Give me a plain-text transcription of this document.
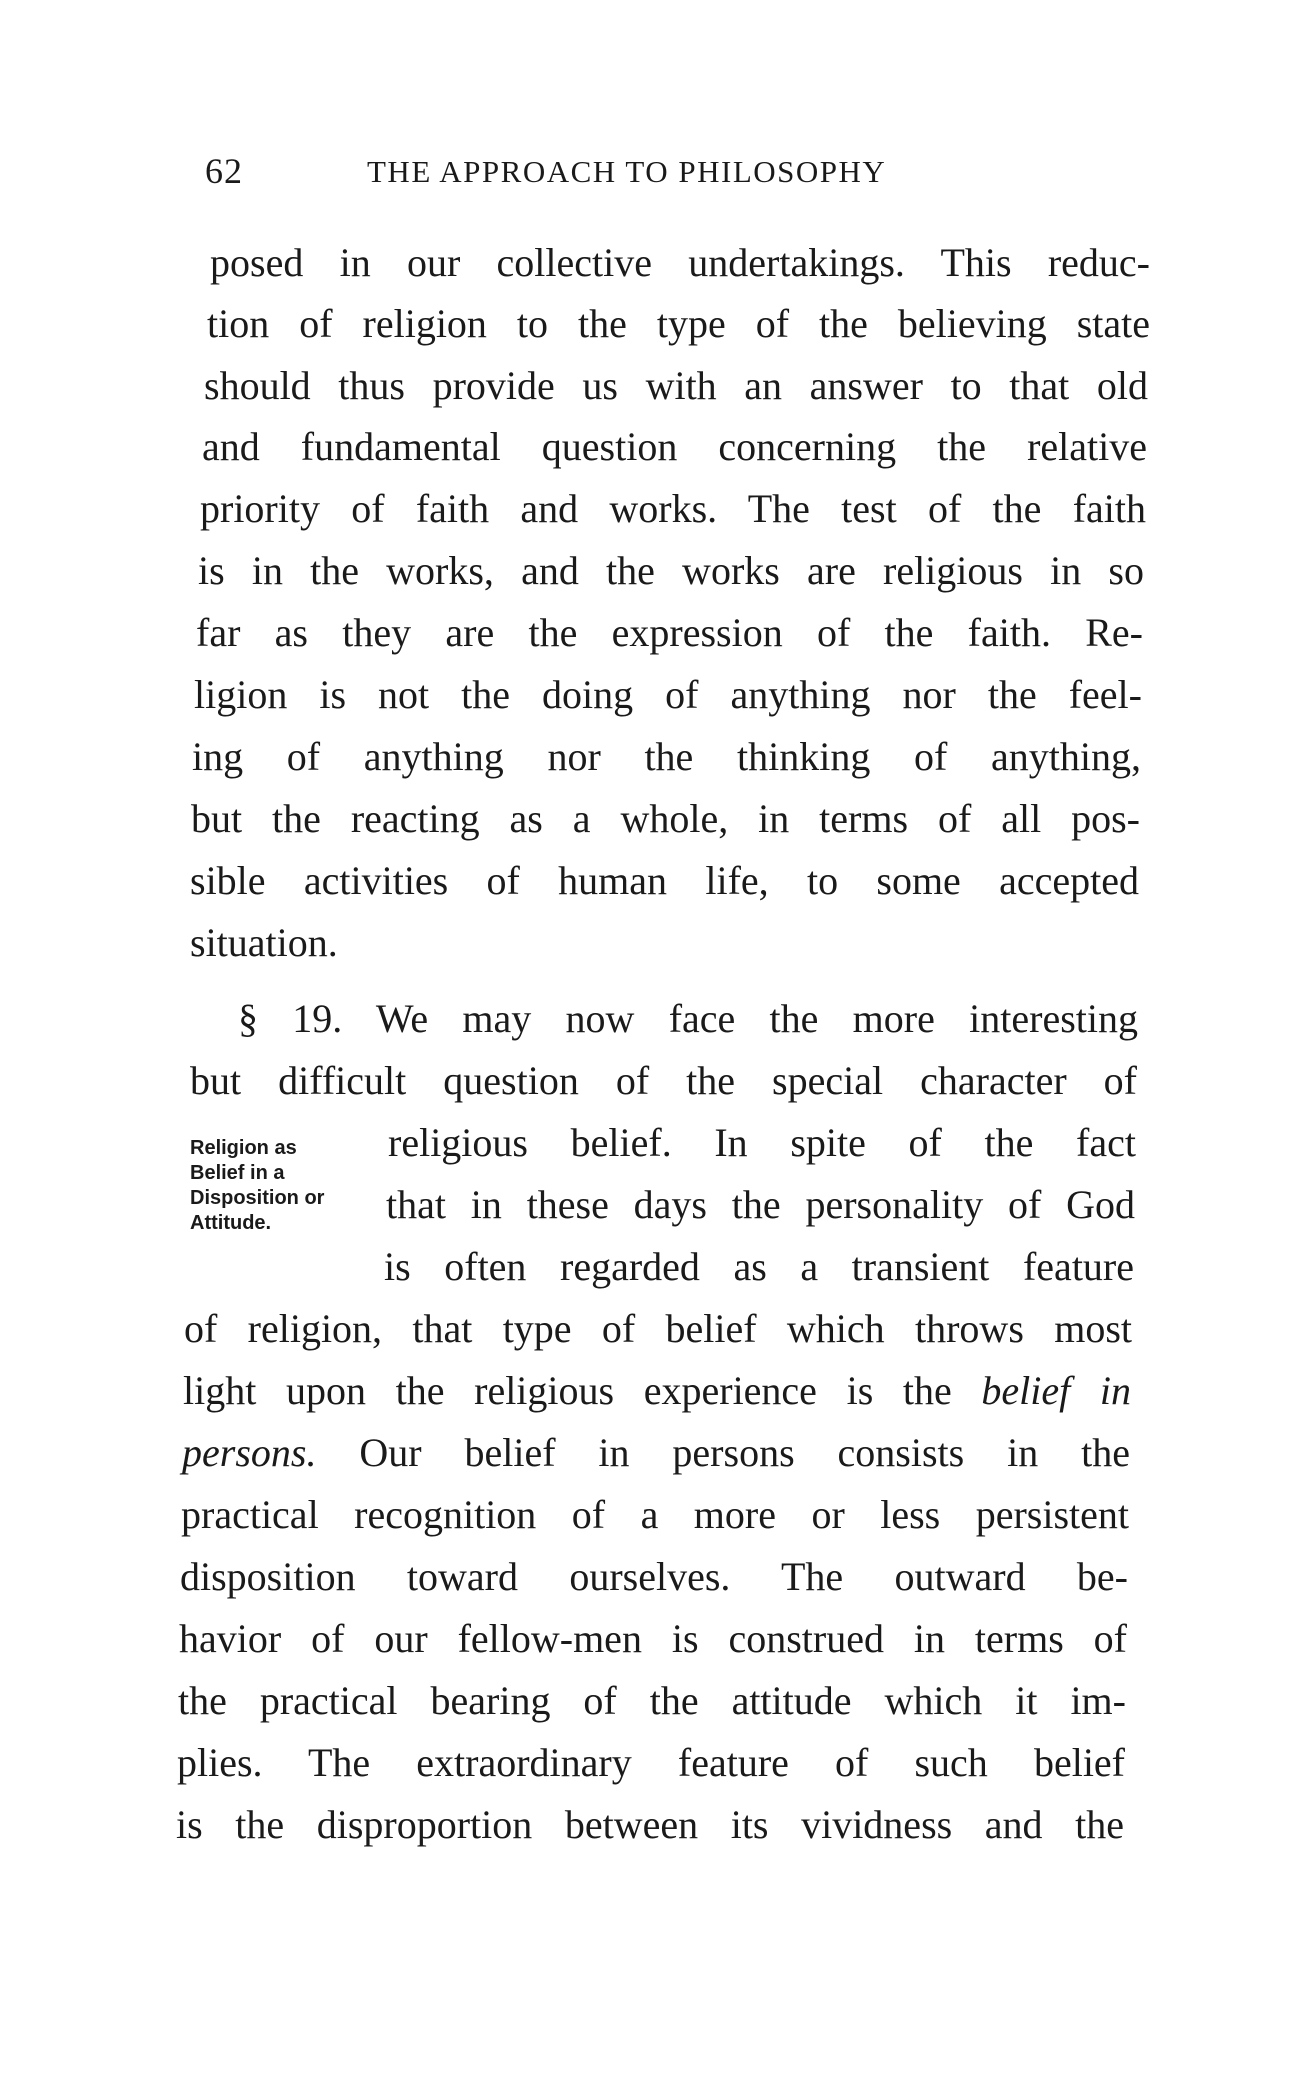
62	THE APPROACH TO PHILOSOPHY
posed in our collective undertakings. This reduc-
tion of religion to the type of the believing state
should thus provide us with an answer to that old
and fundamental question concerning the relative
priority of faith and works. The test of the faith
is in the works, and the works are religious in so
far as they are the expression of the faith. Re-
ligion is not the doing of anything nor the feel-
ing of anything nor the thinking of anything,
but the reacting as a whole, in terms of all pos-
sible activities of human life, to some accepted
situation.
Religion as
Belief in a
Disposition or
Attitude.
§ 19. We may now face the more interesting
but difficult question of the special character of
religious belief. In spite of the fact
that in these days the personality of God
is often regarded as a transient feature
of religion, that type of belief which throws most
light upon the religious experience is the belief in
persons. Our belief in persons consists in the
practical recognition of a more or less persistent
disposition toward ourselves. The outward be-
havior of our fellow-men is construed in terms of
the practical bearing of the attitude which it im-
plies. The extraordinary feature of such belief
is the disproportion between its vividness and the
